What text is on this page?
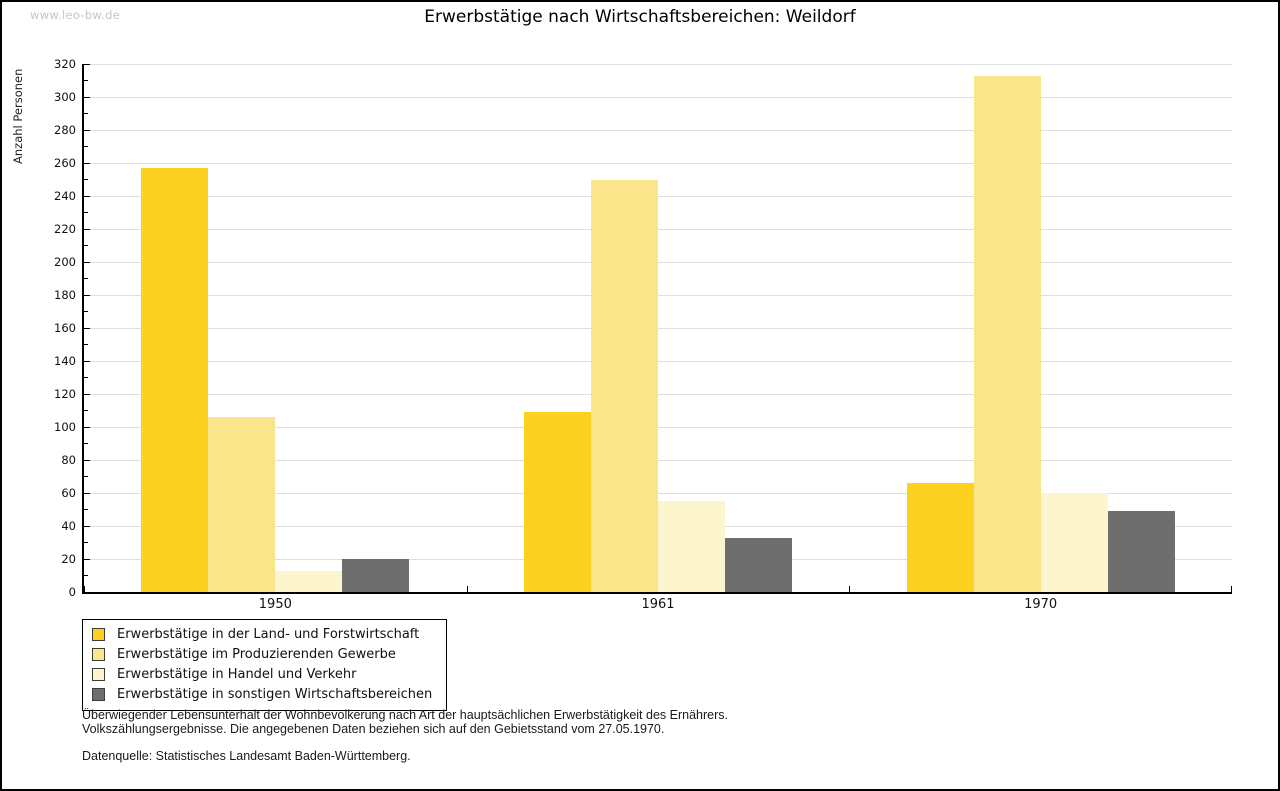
www.leo-bw.de	Erwerbstätige nach Wirtschaftsbereichen: Weildorf
Anzahl Personen
0
20
40
60
80
100
120
140
160
180
200
220
240
260
280
300
320
1950	1961	1970
Erwerbstätige in der Land- und Forstwirtschaft
Erwerbstätige im Produzierenden Gewerbe
Erwerbstätige in Handel und Verkehr
Erwerbstätige in sonstigen Wirtschaftsbereichen
Überwiegender Lebensunterhalt der Wohnbevölkerung nach Art der hauptsächlichen Erwerbstätigkeit des Ernährers.
Volkszählungsergebnisse. Die angegebenen Daten beziehen sich auf den Gebietsstand vom 27.05.1970.
Datenquelle: Statistisches Landesamt Baden-Württemberg.
